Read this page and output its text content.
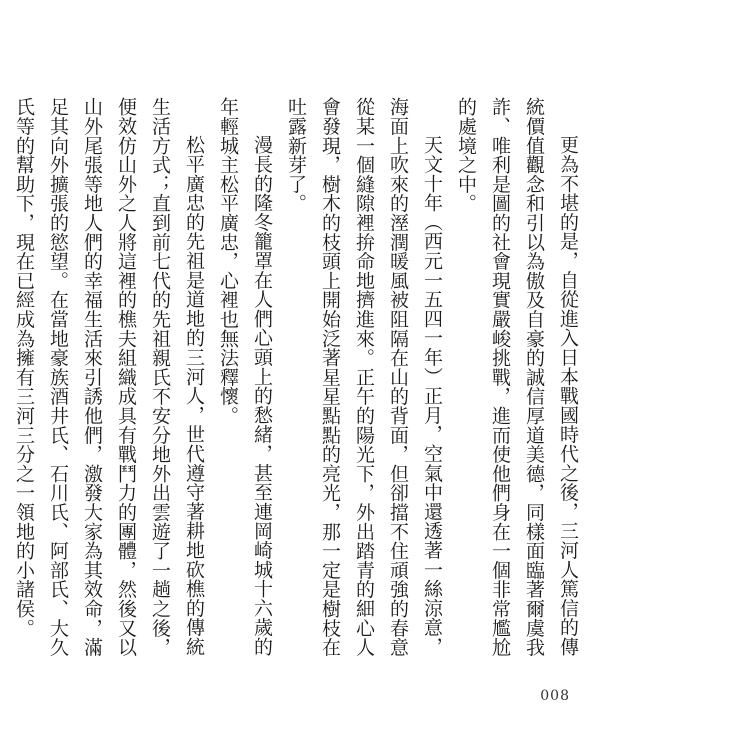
更為不堪的是，自從進入日本戰國時代之後，三河人篤信的傳統價值觀念和引以為傲及自豪的誠信厚道美德，同樣面臨著爾虞我詐、唯利是圖的社會現實嚴峻挑戰，進而使他們身在一個非常尷尬的處境之中。

天文十年（西元一五四一年）正月，空氣中還透著一絲涼意，海面上吹來的溼潤暖風被阻隔在山的背面，但卻擋不住頑強的春意從某一個縫隙裡拚命地擠進來。正午的陽光下，外出踏青的細心人會發現，樹木的枝頭上開始泛著星星點點的亮光，那一定是樹枝在吐露新芽了。

漫長的隆冬籠罩在人們心頭上的愁緒，甚至連岡崎城十六歲的年輕城主松平廣忠，心裡也無法釋懷。

松平廣忠的先祖是道地的三河人，世代遵守著耕地砍樵的傳統生活方式；直到前七代的先祖親氏不安分地外出雲遊了一趟之後，便效仿山外之人將這裡的樵夫組織成具有戰鬥力的團體，然後又以山外尾張等地人們的幸福生活來引誘他們，激發大家為其效命，滿足其向外擴張的慾望。在當地豪族酒井氏、石川氏、阿部氏、大久氏等的幫助下，現在已經成為擁有三河三分之一領地的小諸侯。

008
